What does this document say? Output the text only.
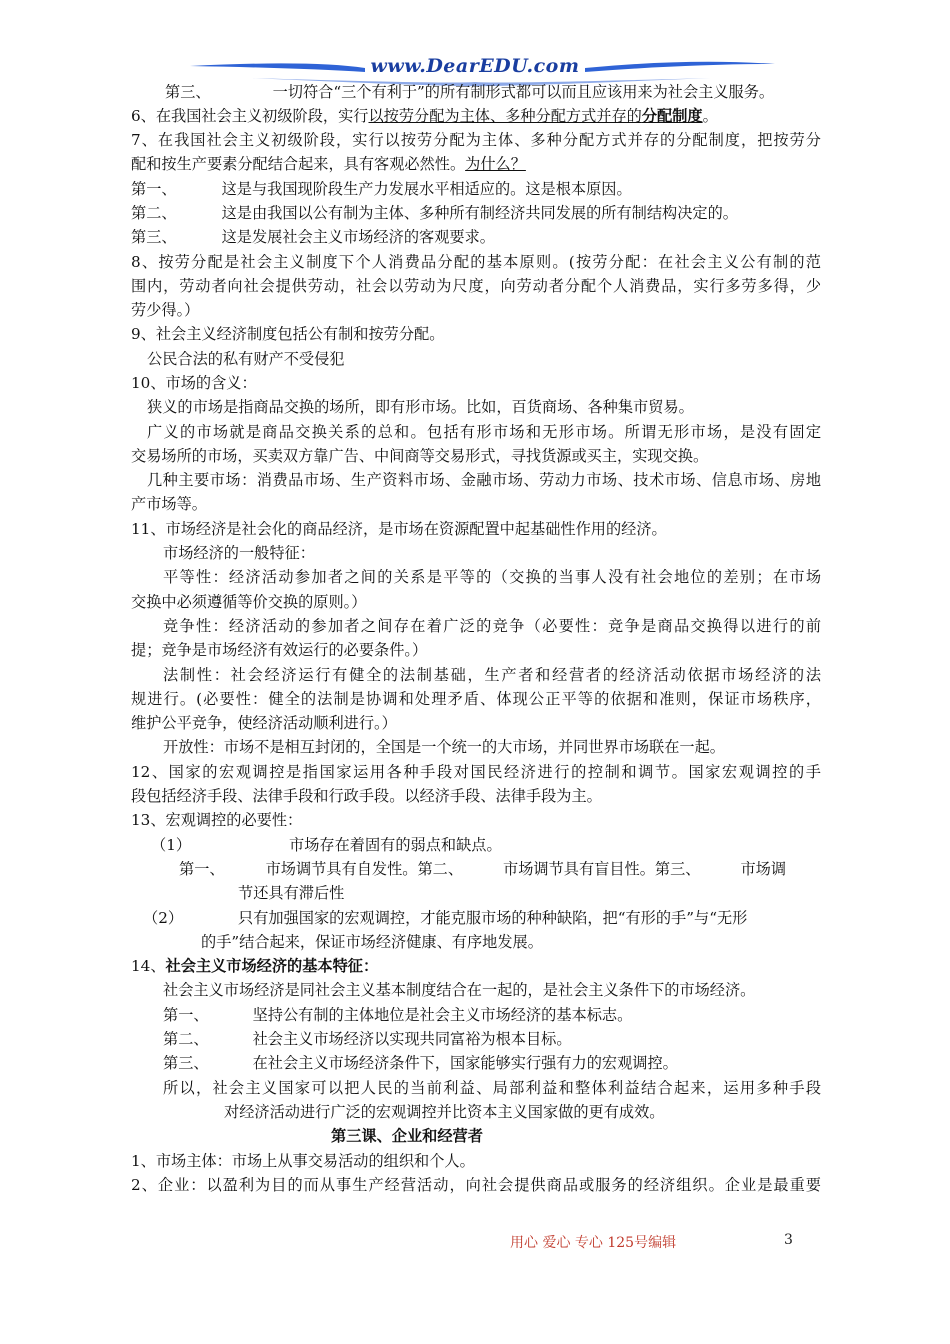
www.DearEDU.com
第三、	一切符合“三个有利于”的所有制形式都可以而且应该用来为社会主义服务。
6、在我国社会主义初级阶段，实行以按劳分配为主体、多种分配方式并存的分配制度。
7、在我国社会主义初级阶段，实行以按劳分配为主体、多种分配方式并存的分配制度，把按劳分
配和按生产要素分配结合起来，具有客观必然性。为什么？
第一、	这是与我国现阶段生产力发展水平相适应的。这是根本原因。
第二、	这是由我国以公有制为主体、多种所有制经济共同发展的所有制结构决定的。
第三、	这是发展社会主义市场经济的客观要求。
8、按劳分配是社会主义制度下个人消费品分配的基本原则。(按劳分配：在社会主义公有制的范
围内，劳动者向社会提供劳动，社会以劳动为尺度，向劳动者分配个人消费品，实行多劳多得，少
劳少得。）
9、社会主义经济制度包括公有制和按劳分配。
公民合法的私有财产不受侵犯
10、市场的含义：
狭义的市场是指商品交换的场所，即有形市场。比如，百货商场、各种集市贸易。
广义的市场就是商品交换关系的总和。包括有形市场和无形市场。所谓无形市场，是没有固定
交易场所的市场，买卖双方靠广告、中间商等交易形式，寻找货源或买主，实现交换。
几种主要市场：消费品市场、生产资料市场、金融市场、劳动力市场、技术市场、信息市场、房地
产市场等。
11、市场经济是社会化的商品经济，是市场在资源配置中起基础性作用的经济。
市场经济的一般特征：
平等性：经济活动参加者之间的关系是平等的（交换的当事人没有社会地位的差别；在市场
交换中必须遵循等价交换的原则。）
竞争性：经济活动的参加者之间存在着广泛的竞争（必要性：竞争是商品交换得以进行的前
提；竞争是市场经济有效运行的必要条件。）
法制性：社会经济运行有健全的法制基础，生产者和经营者的经济活动依据市场经济的法
规进行。(必要性：健全的法制是协调和处理矛盾、体现公正平等的依据和准则，保证市场秩序，
维护公平竞争，使经济活动顺利进行。）
开放性：市场不是相互封闭的，全国是一个统一的大市场，并同世界市场联在一起。
12、国家的宏观调控是指国家运用各种手段对国民经济进行的控制和调节。国家宏观调控的手
段包括经济手段、法律手段和行政手段。以经济手段、法律手段为主。
13、宏观调控的必要性：
（1）	市场存在着固有的弱点和缺点。
第一、	市场调节具有自发性。第二、	市场调节具有盲目性。第三、	市场调
节还具有滞后性
（2）	只有加强国家的宏观调控，才能克服市场的种种缺陷，把“有形的手”与“无形
的手”结合起来，保证市场经济健康、有序地发展。
14、社会主义市场经济的基本特征：
社会主义市场经济是同社会主义基本制度结合在一起的，是社会主义条件下的市场经济。
第一、	坚持公有制的主体地位是社会主义市场经济的基本标志。
第二、	社会主义市场经济以实现共同富裕为根本目标。
第三、	在社会主义市场经济条件下，国家能够实行强有力的宏观调控。
所以，社会主义国家可以把人民的当前利益、局部利益和整体利益结合起来，运用多种手段
对经济活动进行广泛的宏观调控并比资本主义国家做的更有成效。
第三课、企业和经营者
1、市场主体：市场上从事交易活动的组织和个人。
2、企业：以盈利为目的而从事生产经营活动，向社会提供商品或服务的经济组织。企业是最重要
用心 爱心 专心 125号编辑	3
